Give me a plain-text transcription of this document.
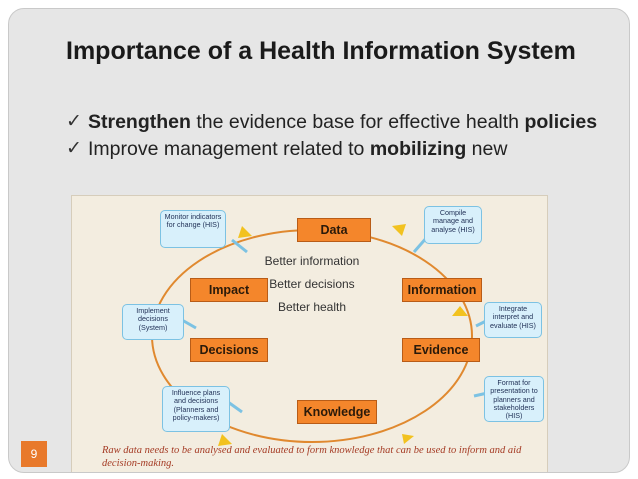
Importance of a Health Information System
✓ Strengthen the evidence base for effective health policies
✓ Improve management related to mobilizing new
Data
Information
Evidence
Knowledge
Decisions
Impact
Better information
Better decisions
Better health
Monitor indicators for change (HIS)
Compile manage and analyse (HIS)
Integrate interpret and evaluate (HIS)
Format for presentation to planners and stakeholders (HIS)
Influence plans and decisions (Planners and policy-makers)
Implement decisions (System)
Raw data needs to be analysed and evaluated to form knowledge that can be used to inform and aid decision-making.
9
